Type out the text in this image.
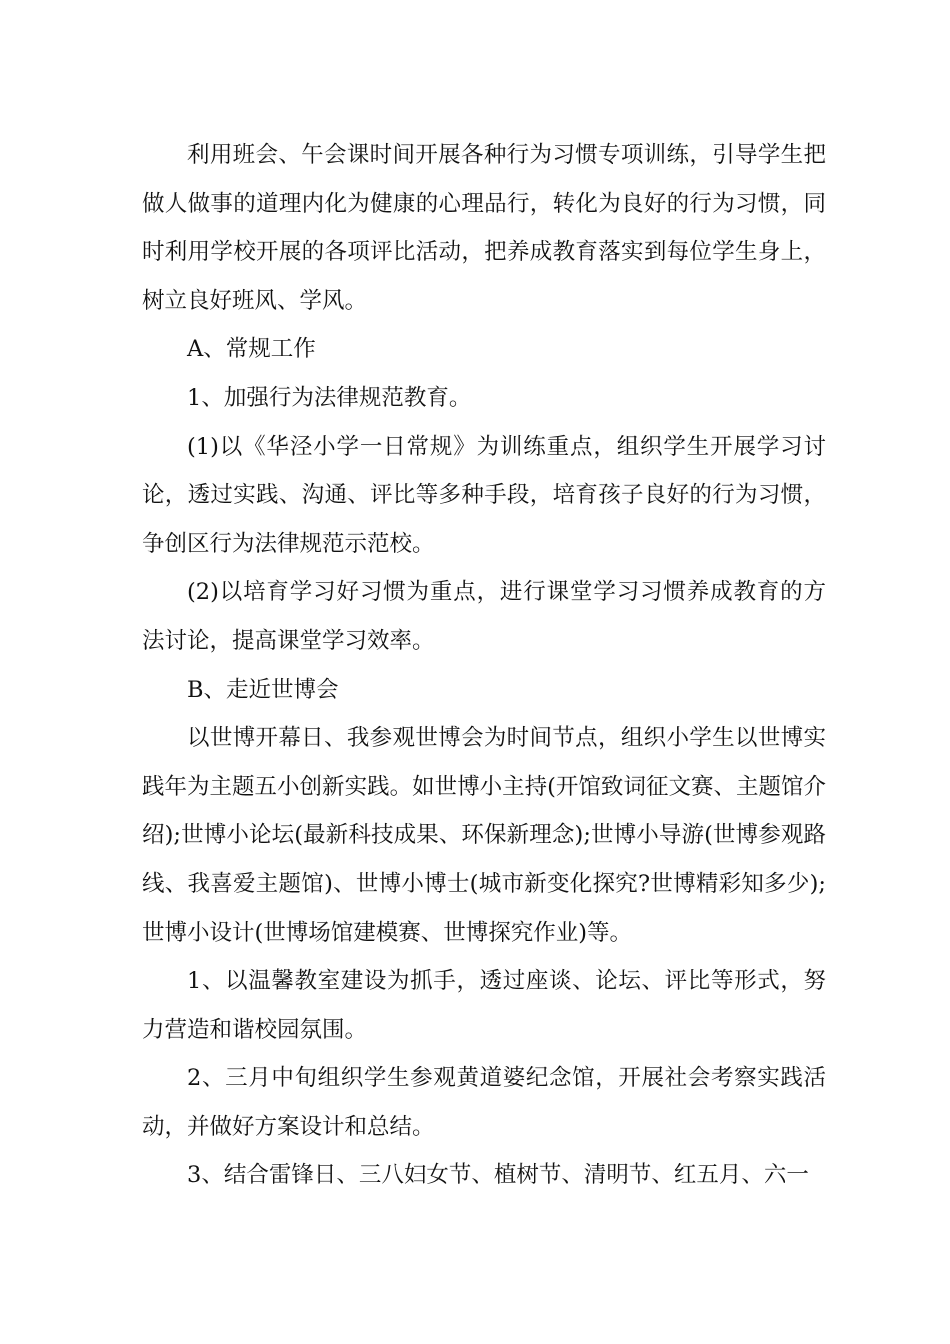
利用班会、午会课时间开展各种行为习惯专项训练，引导学生把做人做事的道理内化为健康的心理品行，转化为良好的行为习惯，同时利用学校开展的各项评比活动，把养成教育落实到每位学生身上，树立良好班风、学风。

A、常规工作

1、加强行为法律规范教育。

(1)以《华泾小学一日常规》为训练重点，组织学生开展学习讨论，透过实践、沟通、评比等多种手段，培育孩子良好的行为习惯，争创区行为法律规范示范校。

(2)以培育学习好习惯为重点，进行课堂学习习惯养成教育的方法讨论，提高课堂学习效率。

B、走近世博会

以世博开幕日、我参观世博会为时间节点，组织小学生以世博实践年为主题五小创新实践。如世博小主持(开馆致词征文赛、主题馆介绍);世博小论坛(最新科技成果、环保新理念);世博小导游(世博参观路线、我喜爱主题馆)、世博小博士(城市新变化探究?世博精彩知多少);世博小设计(世博场馆建模赛、世博探究作业)等。

1、以温馨教室建设为抓手，透过座谈、论坛、评比等形式，努力营造和谐校园氛围。

2、三月中旬组织学生参观黄道婆纪念馆，开展社会考察实践活动，并做好方案设计和总结。

3、结合雷锋日、三八妇女节、植树节、清明节、红五月、六一
